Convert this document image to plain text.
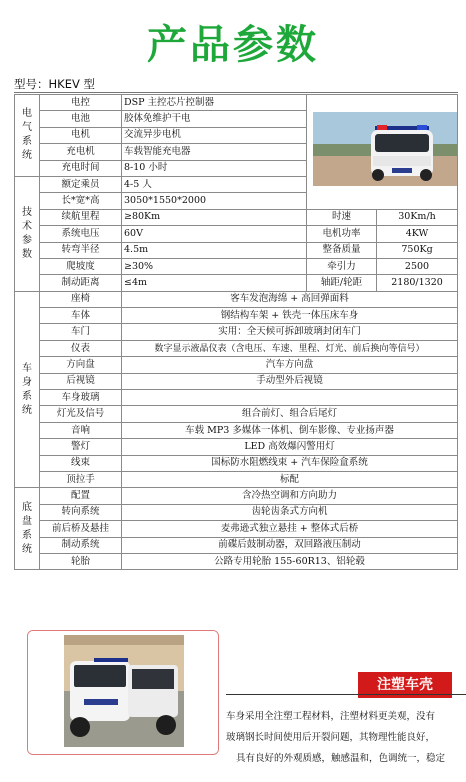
产品参数
型号：HKEV 型
电
气
系
统	电控	DSP 主控芯片控制器	
	电池	胶体免维护干电		
	电机	交流异步电机		
	充电机	车载智能充电器		
	充电时间	8-10 小时		

技
术
参
数	额定乘员	4-5 人		
	长*宽*高	3050*1550*2000		
	续航里程	≥80Km	时速	30Km/h
	系统电压	60V	电机功率	4KW
	转弯半径	4.5m	整备质量	750Kg
	爬坡度	≥30%	牵引力	2500
	制动距离	≤4m	轴距/轮距	2180/1320

车
身
系
统	座椅	客车发泡海绵 + 高回弹面料		
	车体	钢结构车架 + 铁壳一体压床车身		
	车门	实用：全天候可拆卸玻璃封闭车门		
	仪表	数字显示液晶仪表（含电压、车速、里程、灯光、前后换向等信号）		
	方向盘	汽车方向盘		
	后视镜	手动型外后视镜		
	车身玻璃			
	灯光及信号	组合前灯、组合后尾灯		
	音响	车载 MP3 多媒体一体机、倒车影像、专业扬声器		
	警灯	LED 高效爆闪警用灯		
	线束	国标防水阻燃线束 + 汽车保险盒系统		
	顶拉手	标配		

底
盘
系
统	配置	含冷热空调和方向助力		
	转向系统	齿轮齿条式方向机		
	前后桥及悬挂	麦弗逊式独立悬挂 + 整体式后桥		
	制动系统	前碟后鼓制动器，双回路液压制动		
	轮胎	公路专用轮胎 155-60R13、铝轮毂		
注塑车壳
车身采用全注塑工程材料，注塑材料更美观，没有
玻璃钢长时间使用后开裂问题，其物理性能良好，
具有良好的外观质感，触感温和，色调统一，稳定
